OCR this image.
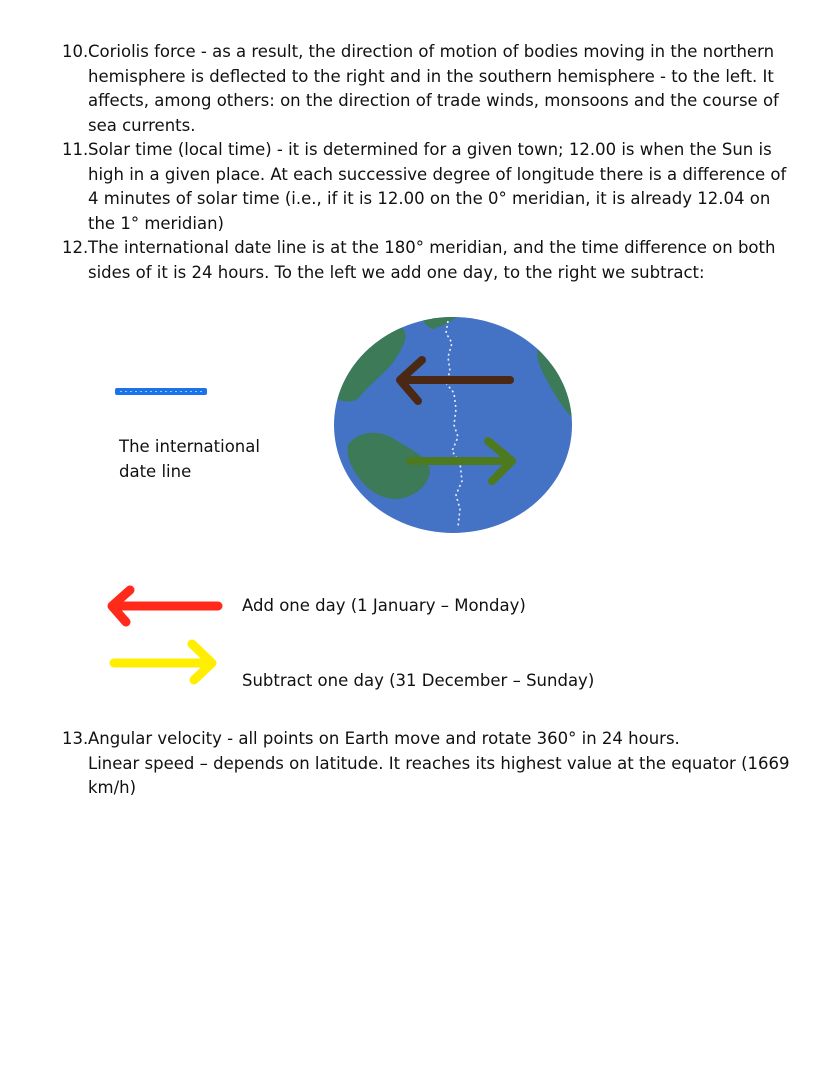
10. Coriolis force - as a result, the direction of motion of bodies moving in the northern hemisphere is deflected to the right and in the southern hemisphere - to the left. It affects, among others: on the direction of trade winds, monsoons and the course of sea currents.
11. Solar time (local time) - it is determined for a given town; 12.00 is when the Sun is high in a given place. At each successive degree of longitude there is a difference of 4 minutes of solar time (i.e., if it is 12.00 on the 0° meridian, it is already 12.04 on the 1° meridian)
12. The international date line is at the 180° meridian, and the time difference on both sides of it is 24 hours. To the left we add one day, to the right we subtract:
The international date line
Add one day (1 January – Monday)
Subtract one day (31 December – Sunday)
13. Angular velocity - all points on Earth move and rotate 360° in 24 hours.
Linear speed – depends on latitude. It reaches its highest value at the equator (1669 km/h)
